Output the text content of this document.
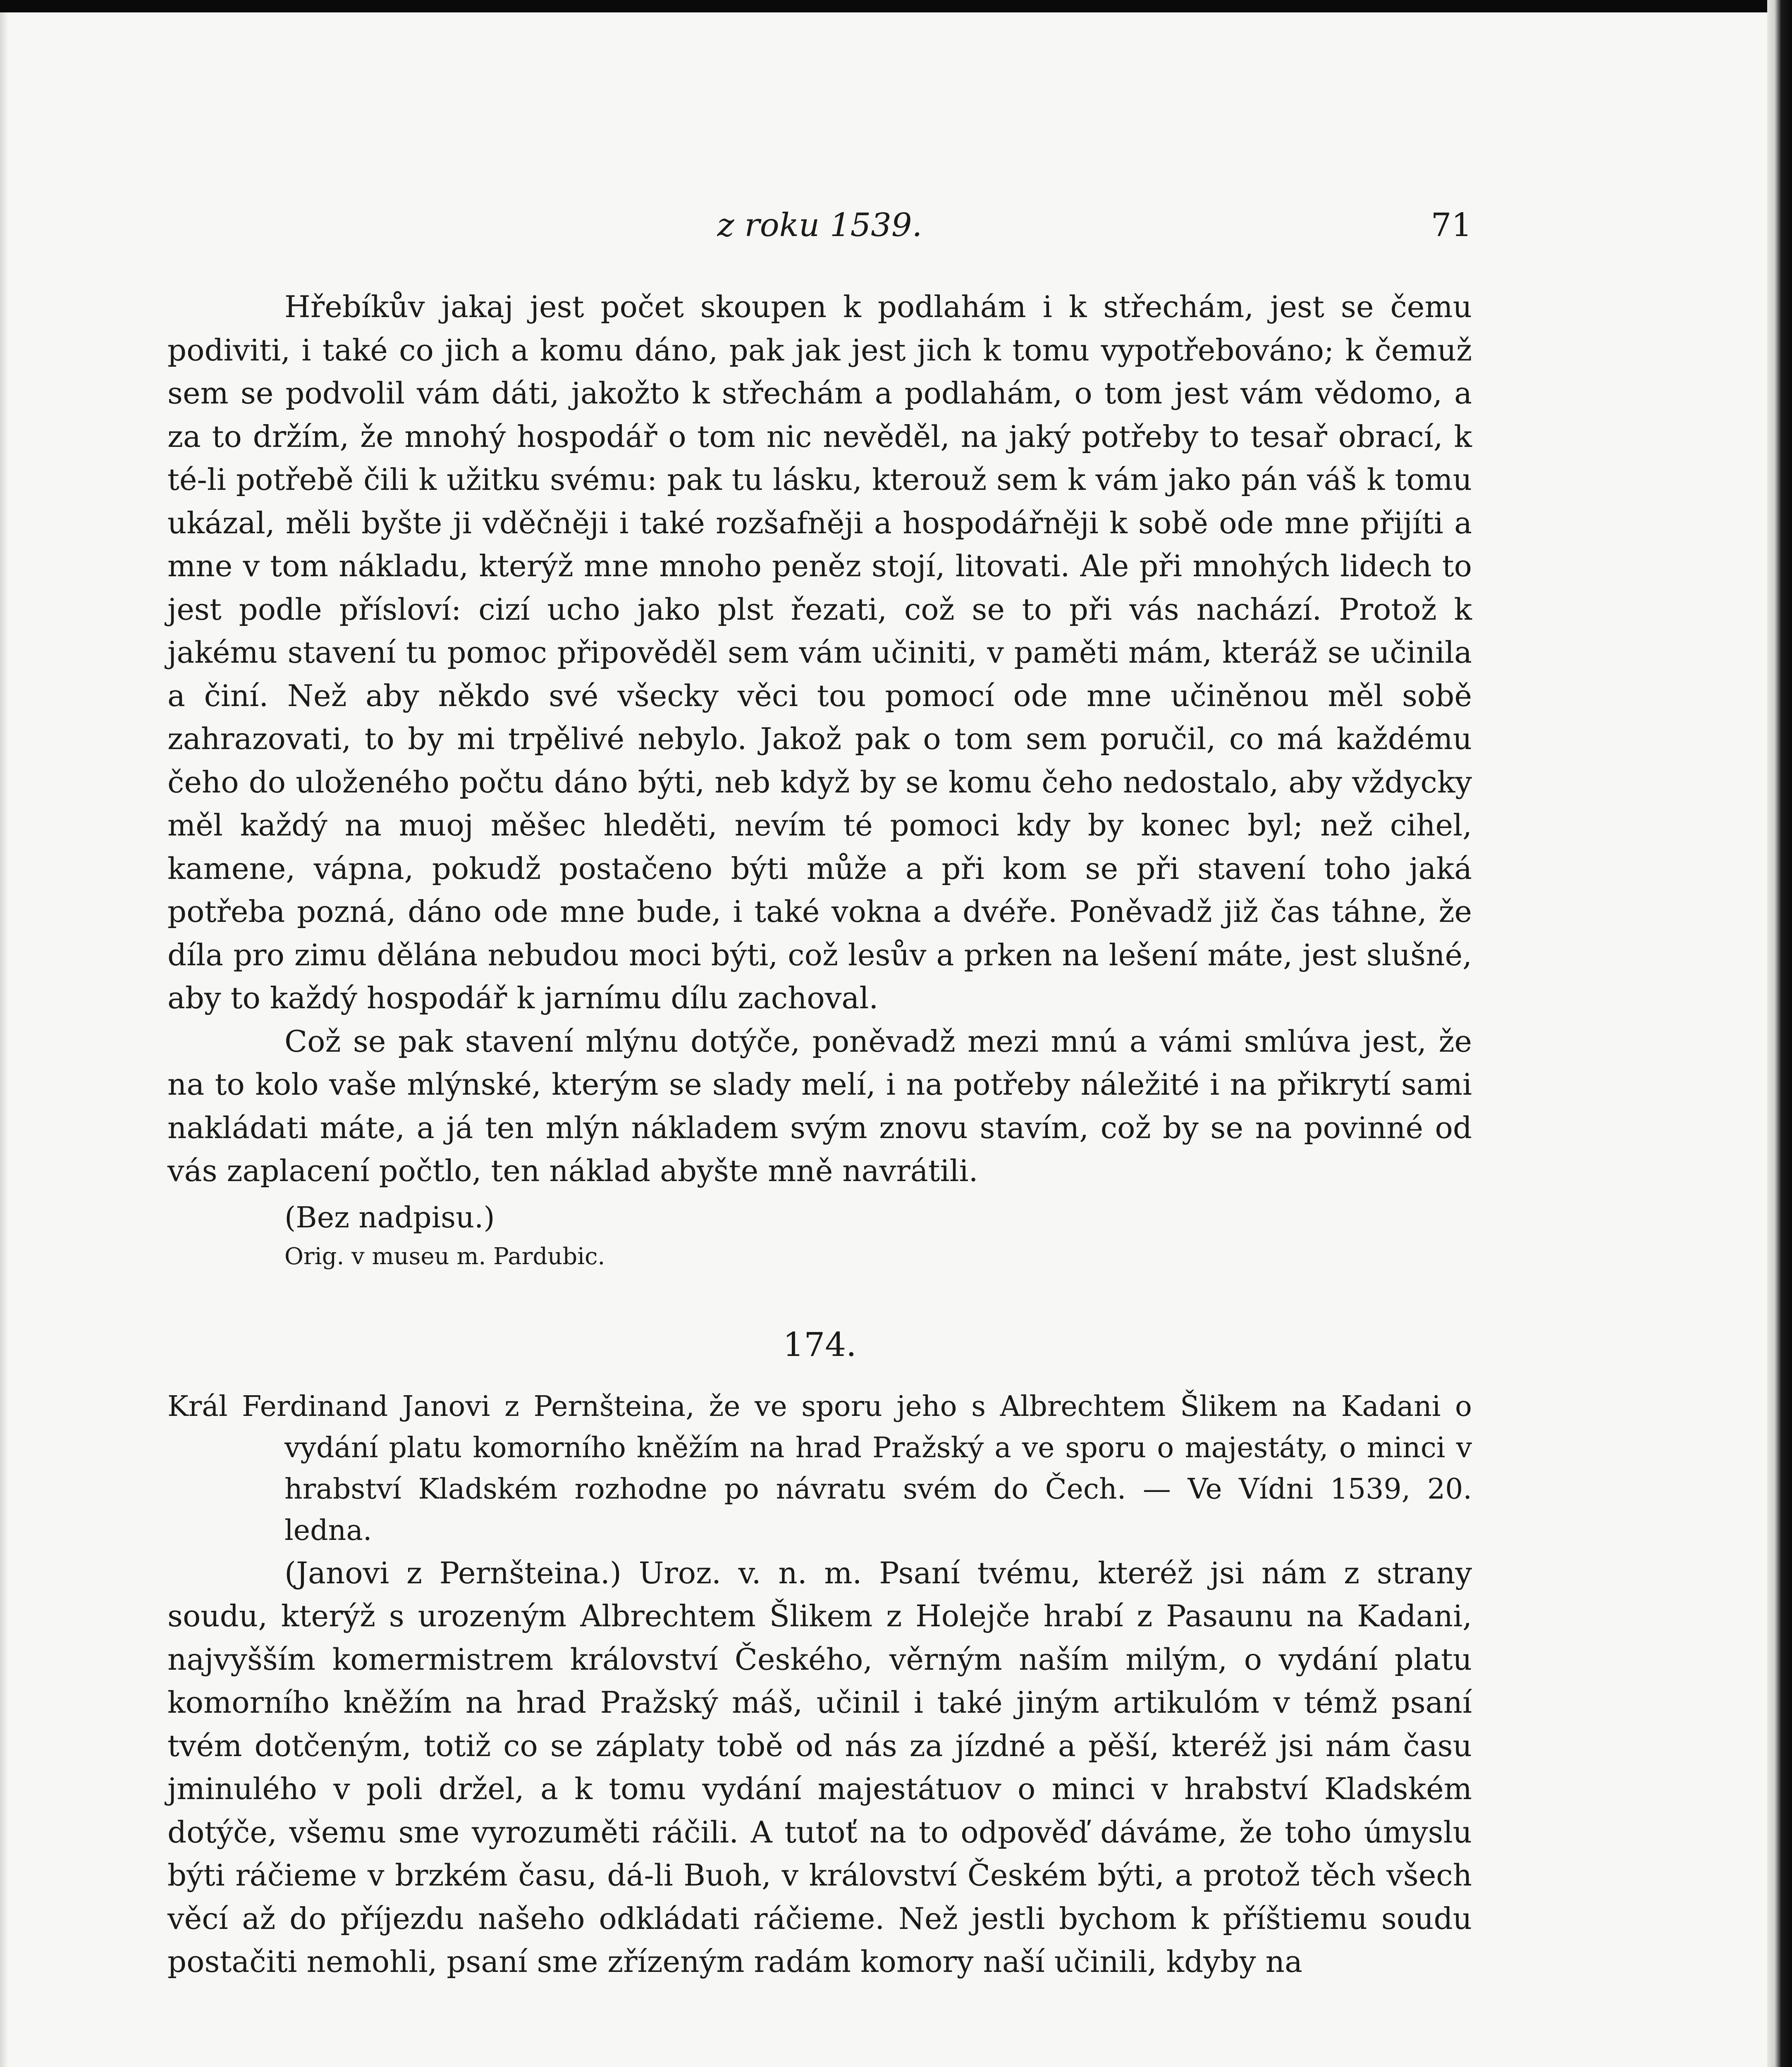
z roku 1539.	71

Hřebíkův jakaj jest počet skoupen k podlahám i k střechám, jest se čemu podiviti, i také co jich a komu dáno, pak jak jest jich k tomu vypotřebováno; k čemuž sem se podvolil vám dáti, jakožto k střechám a podlahám, o tom jest vám vědomo, a za to držím, že mnohý hospodář o tom nic nevěděl, na jaký potřeby to tesař obrací, k té-li potřebě čili k užitku svému: pak tu lásku, kterouž sem k vám jako pán váš k tomu ukázal, měli byšte ji vděčněji i také rozšafněji a hospodářněji k sobě ode mne přijíti a mne v tom nákladu, kterýž mne mnoho peněz stojí, litovati. Ale při mnohých lidech to jest podle přísloví: cizí ucho jako plst řezati, což se to při vás nachází. Protož k jakému stavení tu pomoc připověděl sem vám učiniti, v paměti mám, kteráž se učinila a činí. Než aby někdo své všecky věci tou pomocí ode mne učiněnou měl sobě zahrazovati, to by mi trpělivé nebylo. Jakož pak o tom sem poručil, co má každému čeho do uloženého počtu dáno býti, neb když by se komu čeho nedostalo, aby vždycky měl každý na muoj měšec hleděti, nevím té pomoci kdy by konec byl; než cihel, kamene, vápna, pokudž postačeno býti může a při kom se při stavení toho jaká potřeba pozná, dáno ode mne bude, i také vokna a dvéře. Poněvadž již čas táhne, že díla pro zimu dělána nebudou moci býti, což lesův a prken na lešení máte, jest slušné, aby to každý hospodář k jarnímu dílu zachoval.

Což se pak stavení mlýnu dotýče, poněvadž mezi mnú a vámi smlúva jest, že na to kolo vaše mlýnské, kterým se slady melí, i na potřeby náležité i na přikrytí sami nakládati máte, a já ten mlýn nákladem svým znovu stavím, což by se na povinné od vás zaplacení počtlo, ten náklad abyšte mně navrátili.

(Bez nadpisu.)
Orig. v museu m. Pardubic.
174.
Král Ferdinand Janovi z Pernšteina, že ve sporu jeho s Albrechtem Šlikem na Kadani o vydání platu komorního kněžím na hrad Pražský a ve sporu o majestáty, o minci v hrabství Kladském rozhodne po návratu svém do Čech. — Ve Vídni 1539, 20. ledna.

(Janovi z Pernšteina.) Uroz. v. n. m. Psaní tvému, kteréž jsi nám z strany soudu, kterýž s urozeným Albrechtem Šlikem z Holejče hrabí z Pasaunu na Kadani, najvyšším komermistrem království Českého, věrným naším milým, o vydání platu komorního kněžím na hrad Pražský máš, učinil i také jiným artikulóm v témž psaní tvém dotčeným, totiž co se záplaty tobě od nás za jízdné a pěší, kteréž jsi nám času jminulého v poli držel, a k tomu vydání majestátuov o minci v hrabství Kladském dotýče, všemu sme vyrozuměti ráčili. A tutoť na to odpověď dáváme, že toho úmyslu býti ráčieme v brzkém času, dá-li Buoh, v království Českém býti, a protož těch všech věcí až do příjezdu našeho odkládati ráčieme. Než jestli bychom k příštiemu soudu postačiti nemohli, psaní sme zřízeným radám komory naší učinili, kdyby na
